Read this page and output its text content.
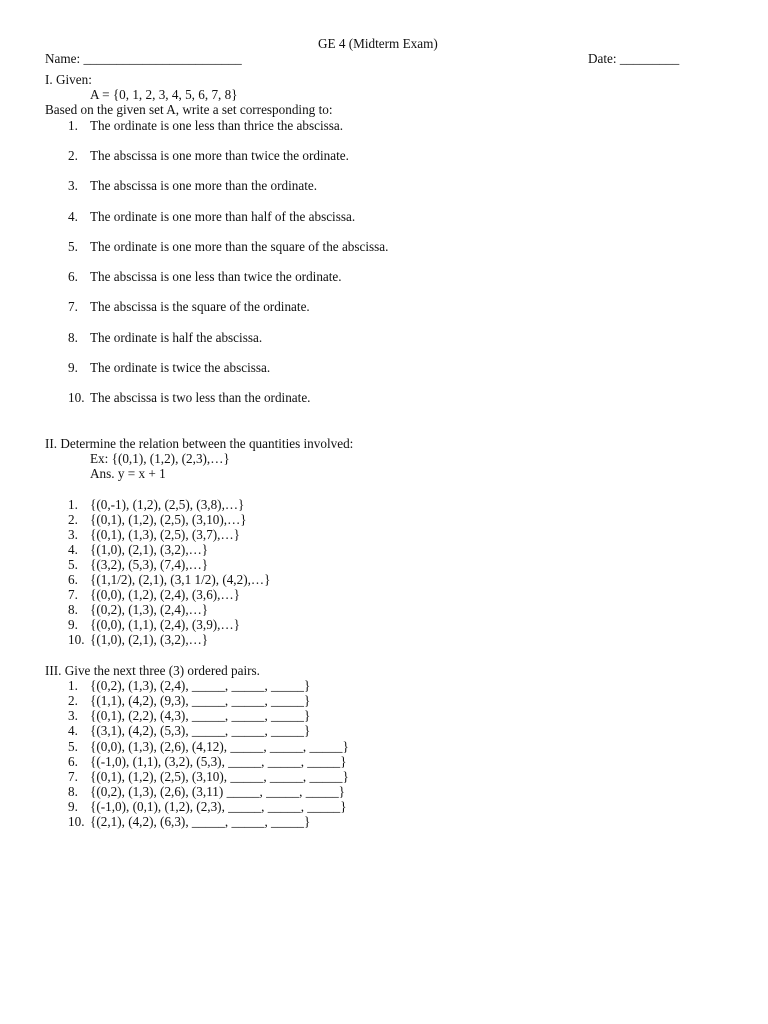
GE 4 (Midterm Exam)
Name: ________________________	Date: _________
I. Given:
A = {0, 1, 2, 3, 4, 5, 6, 7, 8}
Based on the given set A, write a set corresponding to:
1. The ordinate is one less than thrice the abscissa.
2. The abscissa is one more than twice the ordinate.
3. The abscissa is one more than the ordinate.
4. The ordinate is one more than half of the abscissa.
5. The ordinate is one more than the square of the abscissa.
6. The abscissa is one less than twice the ordinate.
7. The abscissa is the square of the ordinate.
8. The ordinate is half the abscissa.
9. The ordinate is twice the abscissa.
10. The abscissa is two less than the ordinate.
II. Determine the relation between the quantities involved:
Ex: {(0,1), (1,2), (2,3),…}
Ans. y = x + 1
1. {(0,-1), (1,2), (2,5), (3,8),…}
2. {(0,1), (1,2), (2,5), (3,10),…}
3. {(0,1), (1,3), (2,5), (3,7),…}
4. {(1,0), (2,1), (3,2),…}
5. {(3,2), (5,3), (7,4),…}
6. {(1,1/2), (2,1), (3,1 1/2), (4,2),…}
7. {(0,0), (1,2), (2,4), (3,6),…}
8. {(0,2), (1,3), (2,4),…}
9. {(0,0), (1,1), (2,4), (3,9),…}
10. {(1,0), (2,1), (3,2),…}
III. Give the next three (3) ordered pairs.
1. {(0,2), (1,3), (2,4), _____, _____, _____}
2. {(1,1), (4,2), (9,3), _____, _____, _____}
3. {(0,1), (2,2), (4,3), _____, _____, _____}
4. {(3,1), (4,2), (5,3), _____, _____, _____}
5. {(0,0), (1,3), (2,6), (4,12), _____, _____, _____}
6. {(-1,0), (1,1), (3,2), (5,3), _____, _____, _____}
7. {(0,1), (1,2), (2,5), (3,10), _____, _____, _____}
8. {(0,2), (1,3), (2,6), (3,11) _____, _____, _____}
9. {(-1,0), (0,1), (1,2), (2,3), _____, _____, _____}
10. {(2,1), (4,2), (6,3), _____, _____, _____}
